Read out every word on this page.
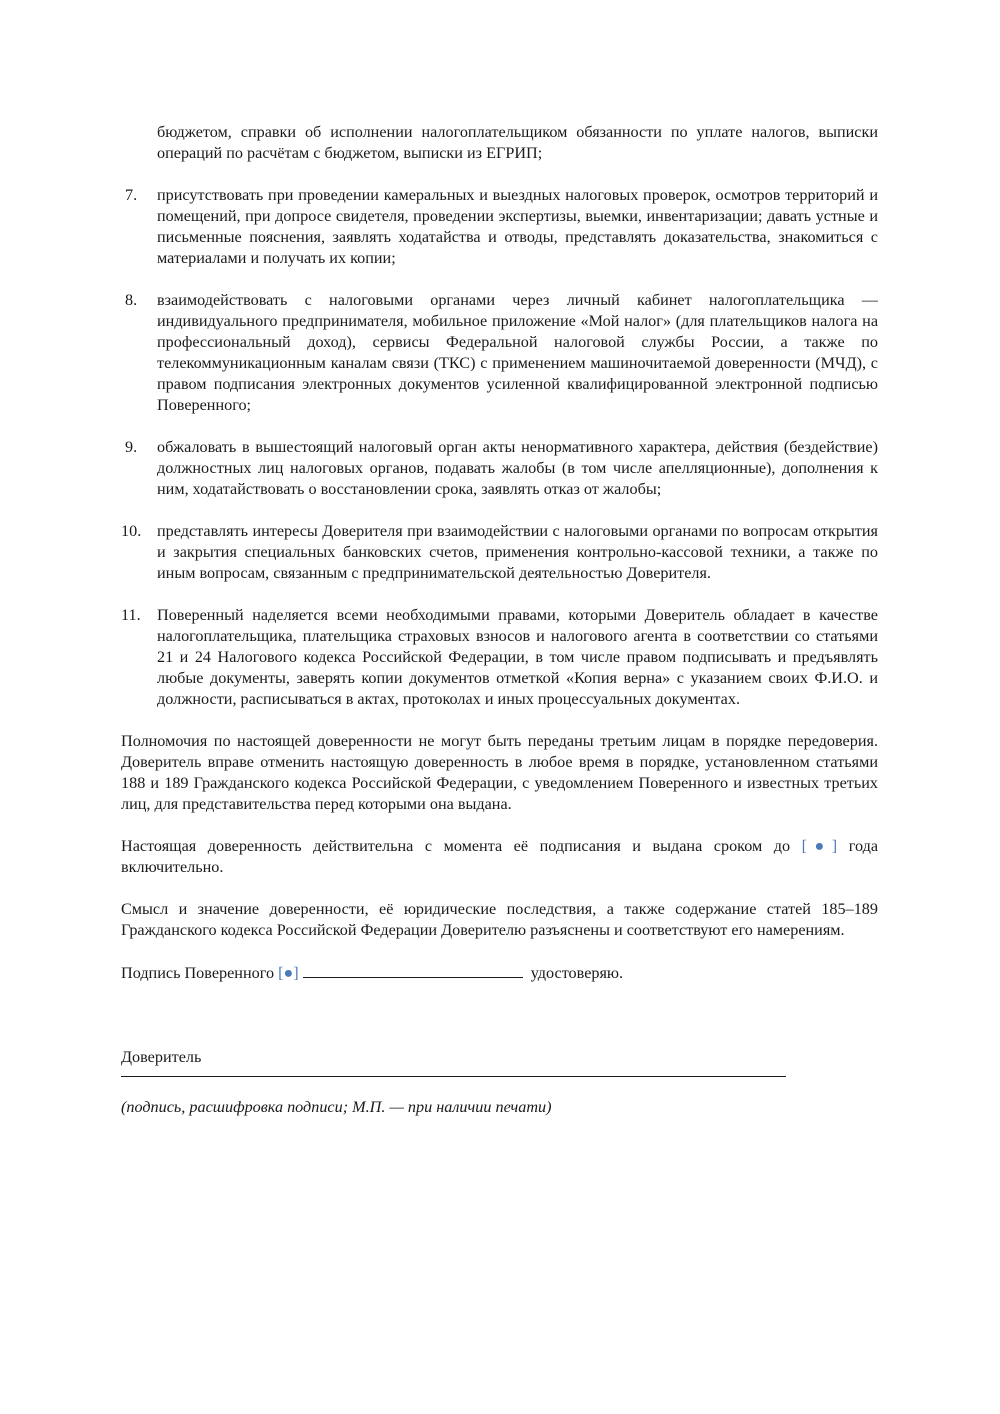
бюджетом, справки об исполнении налогоплательщиком обязанности по уплате налогов, выписки операций по расчётам с бюджетом, выписки из ЕГРИП;

7. присутствовать при проведении камеральных и выездных налоговых проверок, осмотров территорий и помещений, при допросе свидетеля, проведении экспертизы, выемки, инвентаризации; давать устные и письменные пояснения, заявлять ходатайства и отводы, представлять доказательства, знакомиться с материалами и получать их копии;
8. взаимодействовать с налоговыми органами через личный кабинет налогоплательщика — индивидуального предпринимателя, мобильное приложение «Мой налог» (для плательщиков налога на профессиональный доход), сервисы Федеральной налоговой службы России, а также по телекоммуникационным каналам связи (ТКС) с применением машиночитаемой доверенности (МЧД), с правом подписания электронных документов усиленной квалифицированной электронной подписью Поверенного;
9. обжаловать в вышестоящий налоговый орган акты ненормативного характера, действия (бездействие) должностных лиц налоговых органов, подавать жалобы (в том числе апелляционные), дополнения к ним, ходатайствовать о восстановлении срока, заявлять отказ от жалобы;
10. представлять интересы Доверителя при взаимодействии с налоговыми органами по вопросам открытия и закрытия специальных банковских счетов, применения контрольно-кассовой техники, а также по иным вопросам, связанным с предпринимательской деятельностью Доверителя.
11. Поверенный наделяется всеми необходимыми правами, которыми Доверитель обладает в качестве налогоплательщика, плательщика страховых взносов и налогового агента в соответствии со статьями 21 и 24 Налогового кодекса Российской Федерации, в том числе правом подписывать и предъявлять любые документы, заверять копии документов отметкой «Копия верна» с указанием своих Ф.И.О. и должности, расписываться в актах, протоколах и иных процессуальных документах.

Полномочия по настоящей доверенности не могут быть переданы третьим лицам в порядке передоверия. Доверитель вправе отменить настоящую доверенность в любое время в порядке, установленном статьями 188 и 189 Гражданского кодекса Российской Федерации, с уведомлением Поверенного и известных третьих лиц, для представительства перед которыми она выдана.

Настоящая доверенность действительна с момента её подписания и выдана сроком до [●] года включительно.

Смысл и значение доверенности, её юридические последствия, а также содержание статей 185–189 Гражданского кодекса Российской Федерации Доверителю разъяснены и соответствуют его намерениям.

Подпись Поверенного [●]	удостоверяю.

Доверитель

(подпись, расшифровка подписи; М.П. — при наличии печати)
